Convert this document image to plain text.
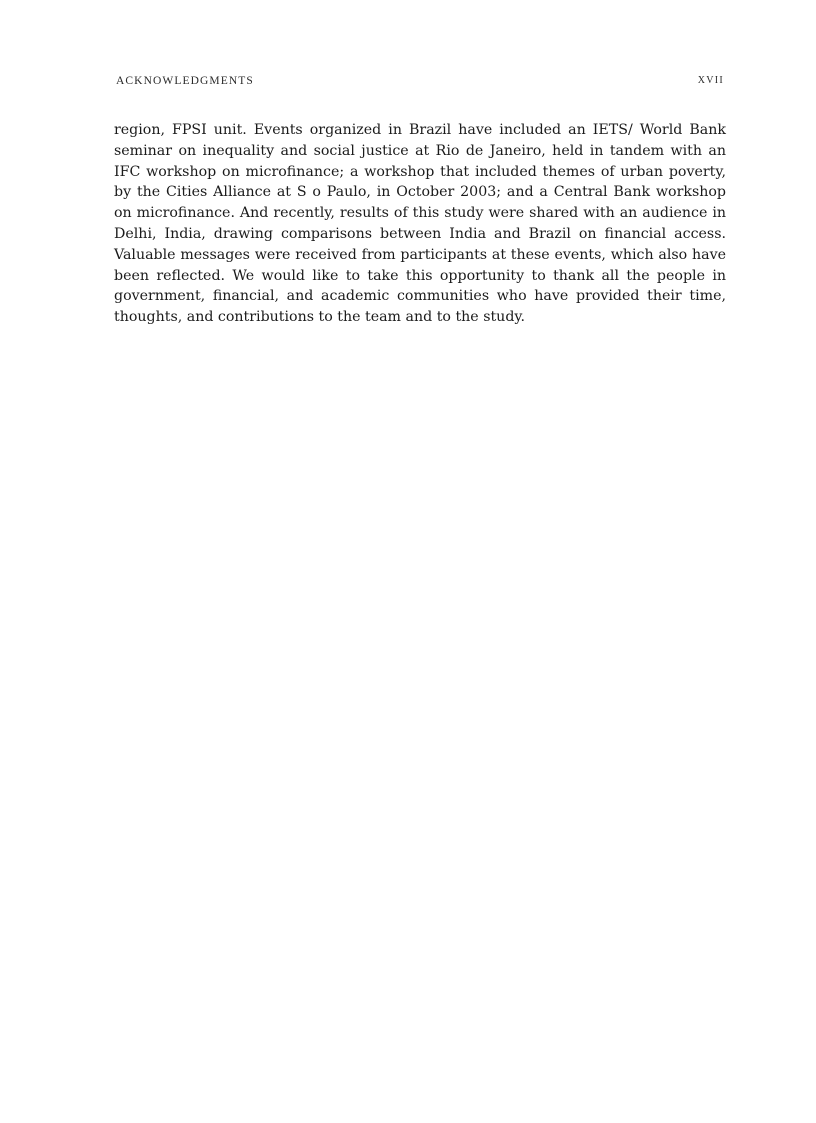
ACKNOWLEDGMENTS	XVII

region, FPSI unit. Events organized in Brazil have included an IETS/ World Bank seminar on inequality and social justice at Rio de Janeiro, held in tandem with an IFC workshop on microfinance; a workshop that included themes of urban poverty, by the Cities Alliance at S o Paulo, in October 2003; and a Central Bank workshop on microfinance. And recently, results of this study were shared with an audience in Delhi, India, drawing comparisons between India and Brazil on financial access. Valuable messages were received from participants at these events, which also have been reflected. We would like to take this opportunity to thank all the people in government, financial, and academic communities who have provided their time, thoughts, and contributions to the team and to the study.
